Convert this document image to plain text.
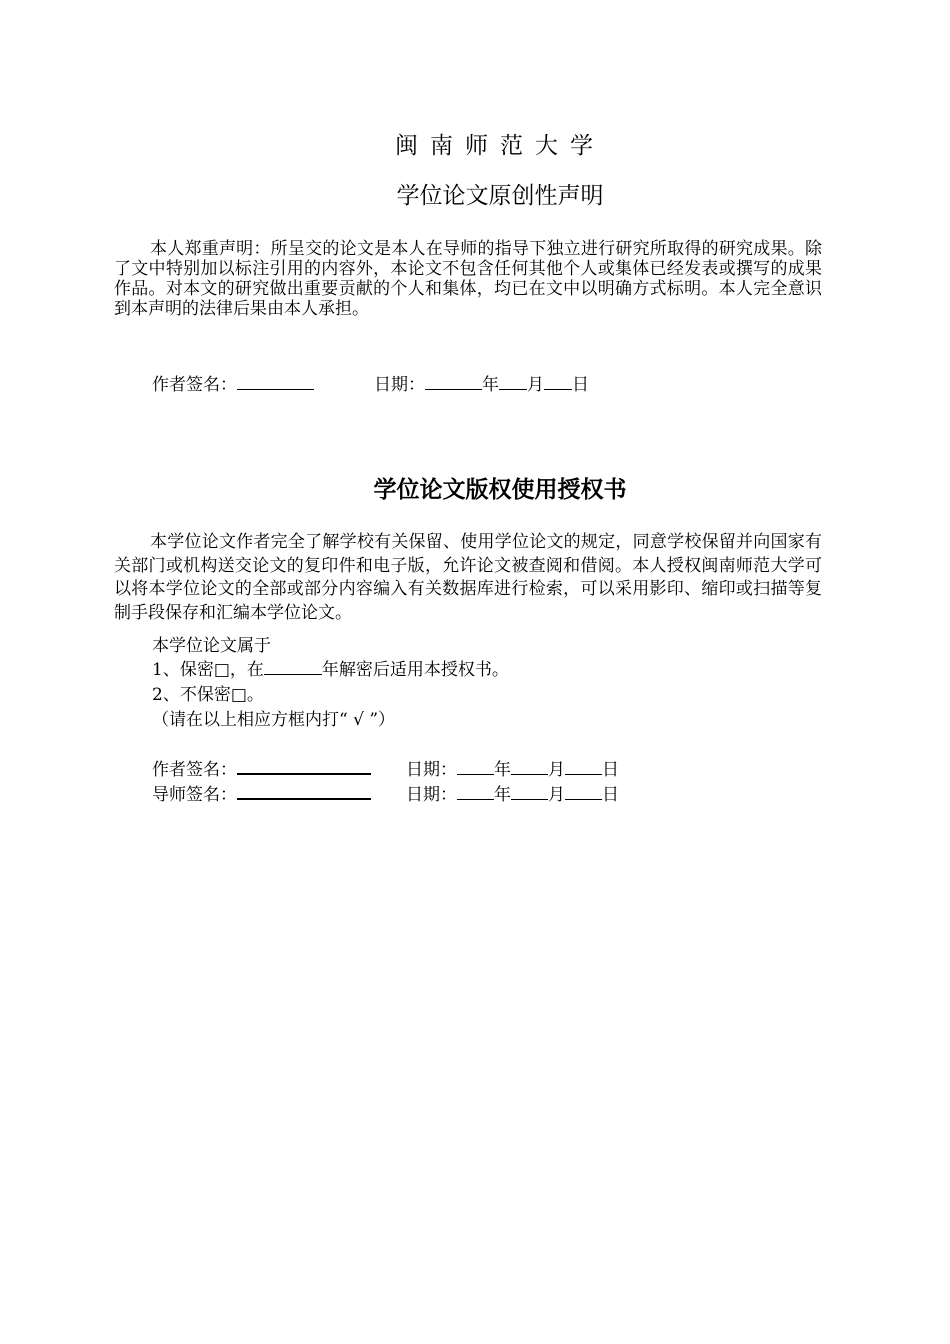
闽南师范大学
学位论文原创性声明
本人郑重声明：所呈交的论文是本人在导师的指导下独立进行研究所取得的研究成果。除了文中特别加以标注引用的内容外，本论文不包含任何其他个人或集体已经发表或撰写的成果作品。对本文的研究做出重要贡献的个人和集体，均已在文中以明确方式标明。本人完全意识到本声明的法律后果由本人承担。
作者签名：	日期：	年 月 日
学位论文版权使用授权书
本学位论文作者完全了解学校有关保留、使用学位论文的规定，同意学校保留并向国家有关部门或机构送交论文的复印件和电子版，允许论文被查阅和借阅。本人授权闽南师范大学可以将本学位论文的全部或部分内容编入有关数据库进行检索，可以采用影印、缩印或扫描等复制手段保存和汇编本学位论文。
本学位论文属于
1、保密□，在	年解密后适用本授权书。
2、不保密□。
（请在以上相应方框内打“ √ ”）
作者签名：	日期： 年 月 日
导师签名：	日期： 年 月 日
